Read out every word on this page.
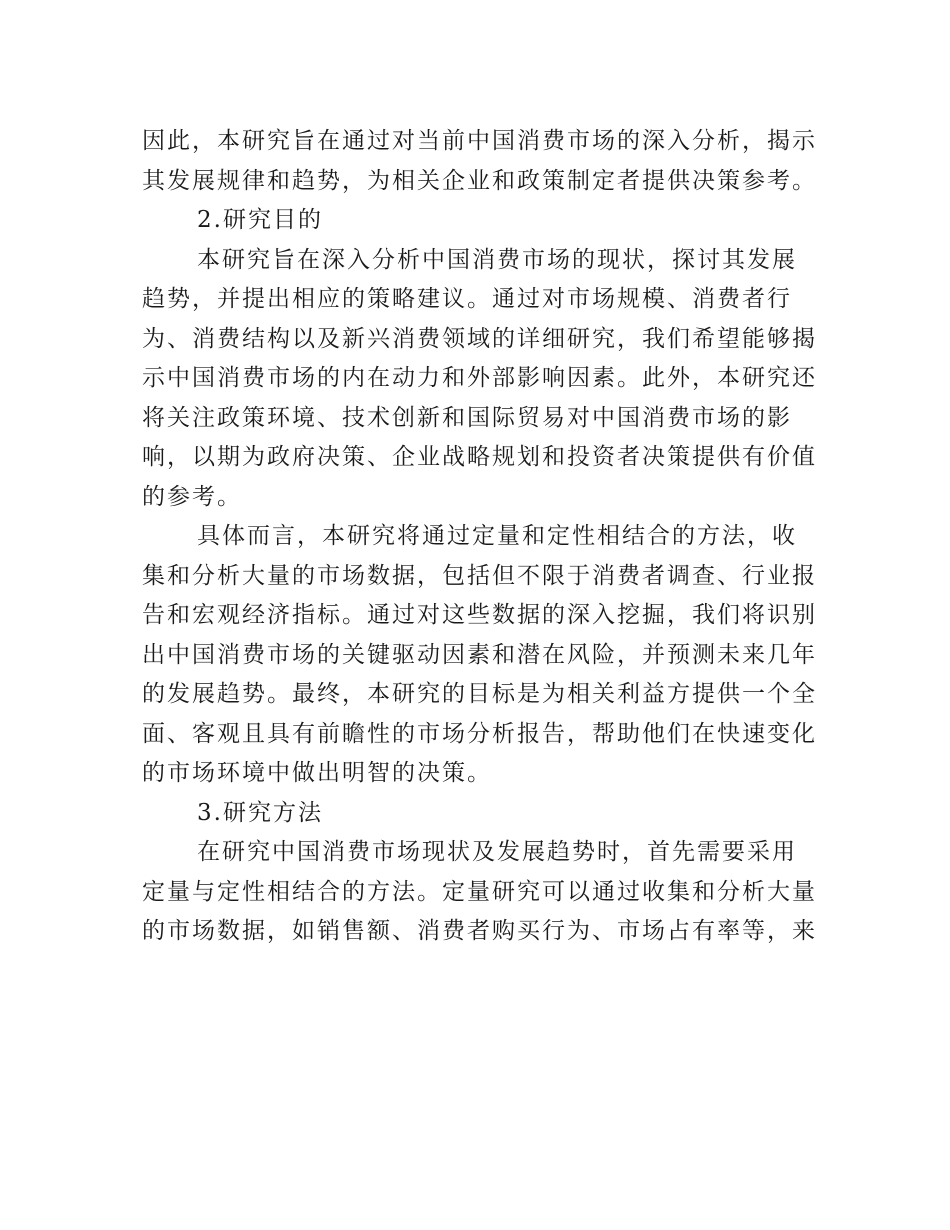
因此，本研究旨在通过对当前中国消费市场的深入分析，揭示
其发展规律和趋势，为相关企业和政策制定者提供决策参考。
2.研究目的
本研究旨在深入分析中国消费市场的现状，探讨其发展
趋势，并提出相应的策略建议。通过对市场规模、消费者行
为、消费结构以及新兴消费领域的详细研究，我们希望能够揭
示中国消费市场的内在动力和外部影响因素。此外，本研究还
将关注政策环境、技术创新和国际贸易对中国消费市场的影
响，以期为政府决策、企业战略规划和投资者决策提供有价值
的参考。
具体而言，本研究将通过定量和定性相结合的方法，收
集和分析大量的市场数据，包括但不限于消费者调查、行业报
告和宏观经济指标。通过对这些数据的深入挖掘，我们将识别
出中国消费市场的关键驱动因素和潜在风险，并预测未来几年
的发展趋势。最终，本研究的目标是为相关利益方提供一个全
面、客观且具有前瞻性的市场分析报告，帮助他们在快速变化
的市场环境中做出明智的决策。
3.研究方法
在研究中国消费市场现状及发展趋势时，首先需要采用
定量与定性相结合的方法。定量研究可以通过收集和分析大量
的市场数据，如销售额、消费者购买行为、市场占有率等，来
